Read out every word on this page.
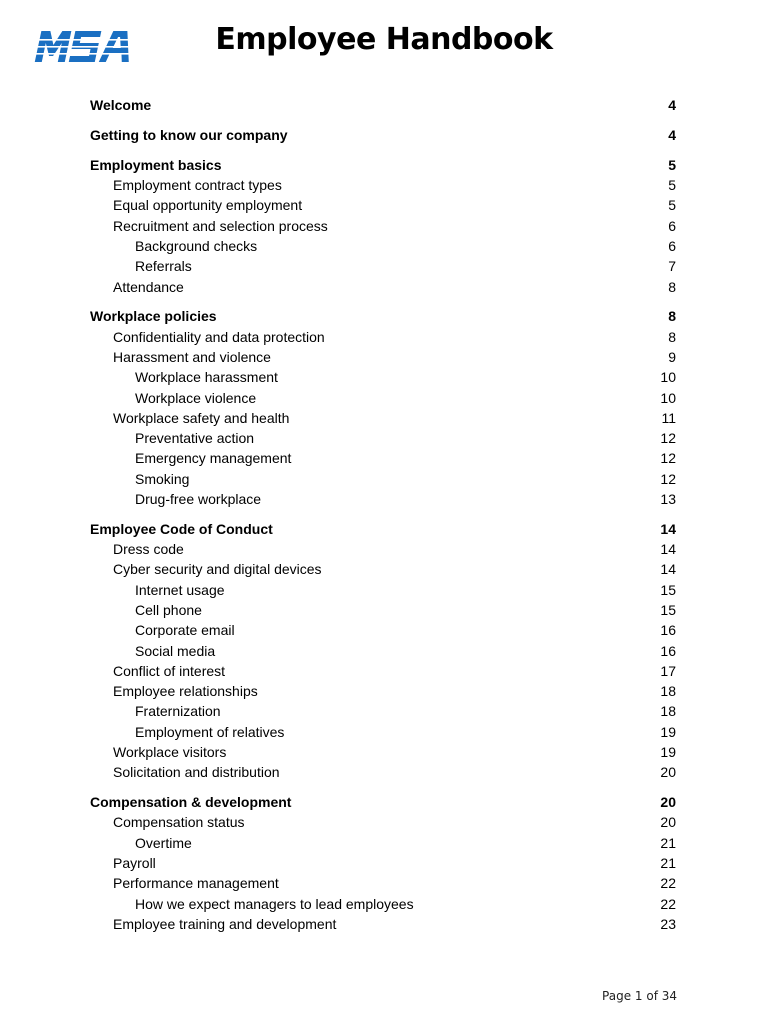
Employee Handbook
Welcome	4
Getting to know our company	4
Employment basics	5
Employment contract types	5
Equal opportunity employment	5
Recruitment and selection process	6
Background checks	6
Referrals	7
Attendance	8
Workplace policies	8
Confidentiality and data protection	8
Harassment and violence	9
Workplace harassment	10
Workplace violence	10
Workplace safety and health	11
Preventative action	12
Emergency management	12
Smoking	12
Drug-free workplace	13
Employee Code of Conduct	14
Dress code	14
Cyber security and digital devices	14
Internet usage	15
Cell phone	15
Corporate email	16
Social media	16
Conflict of interest	17
Employee relationships	18
Fraternization	18
Employment of relatives	19
Workplace visitors	19
Solicitation and distribution	20
Compensation & development	20
Compensation status	20
Overtime	21
Payroll	21
Performance management	22
How we expect managers to lead employees	22
Employee training and development	23
Page 1 of 34
